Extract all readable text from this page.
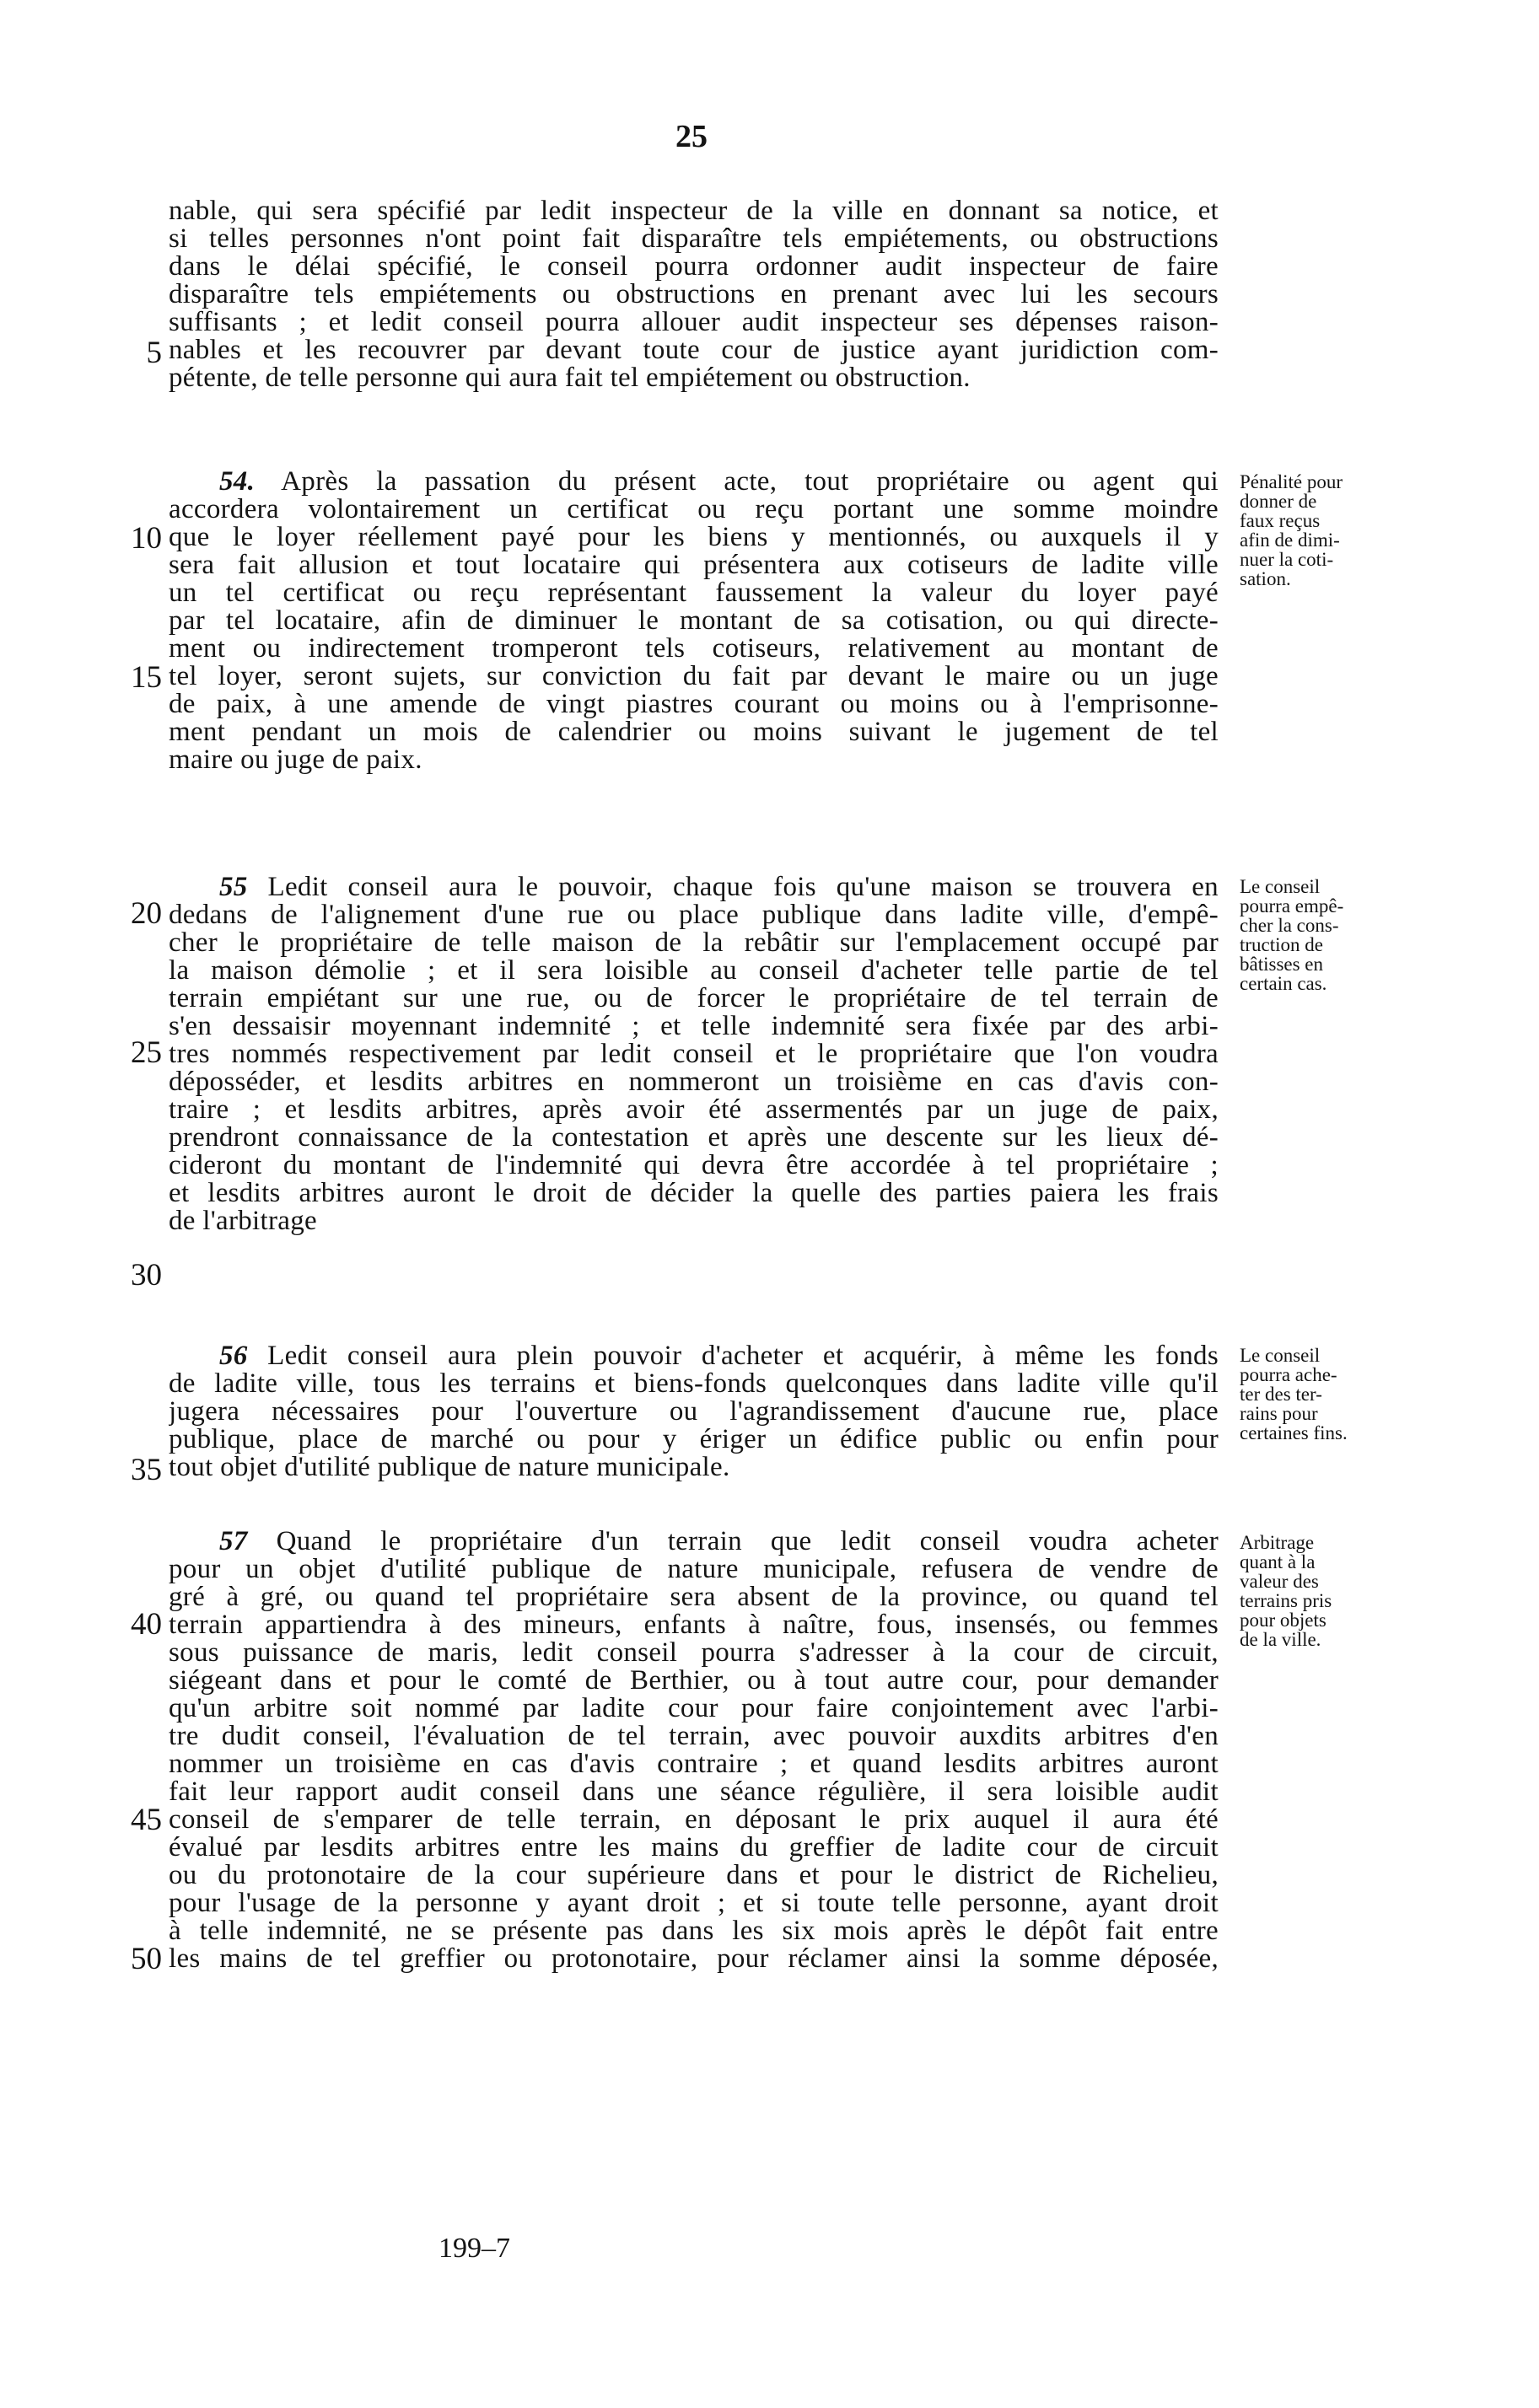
25
nable, qui sera spécifié par ledit inspecteur de la ville en donnant sa notice, et
si telles personnes n'ont point fait disparaître tels empiétements, ou obstructions
dans le délai spécifié, le conseil pourra ordonner audit inspecteur de faire
disparaître tels empiétements ou obstructions en prenant avec lui les secours
suffisants ; et ledit conseil pourra allouer audit inspecteur ses dépenses raison-
nables et les recouvrer par devant toute cour de justice ayant juridiction com-
pétente, de telle personne qui aura fait tel empiétement ou obstruction.
54. Après la passation du présent acte, tout propriétaire ou agent qui
accordera volontairement un certificat ou reçu portant une somme moindre
que le loyer réellement payé pour les biens y mentionnés, ou auxquels il y
sera fait allusion et tout locataire qui présentera aux cotiseurs de ladite ville
un tel certificat ou reçu représentant faussement la valeur du loyer payé
par tel locataire, afin de diminuer le montant de sa cotisation, ou qui directe-
ment ou indirectement tromperont tels cotiseurs, relativement au montant de
tel loyer, seront sujets, sur conviction du fait par devant le maire ou un juge
de paix, à une amende de vingt piastres courant ou moins ou à l'emprisonne-
ment pendant un mois de calendrier ou moins suivant le jugement de tel
maire ou juge de paix.
Pénalité pour
donner de
faux reçus
afin de dimi-
nuer la coti-
sation.
55 Ledit conseil aura le pouvoir, chaque fois qu'une maison se trouvera en
dedans de l'alignement d'une rue ou place publique dans ladite ville, d'empê-
cher le propriétaire de telle maison de la rebâtir sur l'emplacement occupé par
la maison démolie ; et il sera loisible au conseil d'acheter telle partie de tel
terrain empiétant sur une rue, ou de forcer le propriétaire de tel terrain de
s'en dessaisir moyennant indemnité ; et telle indemnité sera fixée par des arbi-
tres nommés respectivement par ledit conseil et le propriétaire que l'on voudra
déposséder, et lesdits arbitres en nommeront un troisième en cas d'avis con-
traire ; et lesdits arbitres, après avoir été assermentés par un juge de paix,
prendront connaissance de la contestation et après une descente sur les lieux dé-
cideront du montant de l'indemnité qui devra être accordée à tel propriétaire ;
et lesdits arbitres auront le droit de décider la quelle des parties paiera les frais
de l'arbitrage
Le conseil
pourra empê-
cher la cons-
truction de
bâtisses en
certain cas.
56 Ledit conseil aura plein pouvoir d'acheter et acquérir, à même les fonds
de ladite ville, tous les terrains et biens-fonds quelconques dans ladite ville qu'il
jugera nécessaires pour l'ouverture ou l'agrandissement d'aucune rue, place
publique, place de marché ou pour y ériger un édifice public ou enfin pour
tout objet d'utilité publique de nature municipale.
Le conseil
pourra ache-
ter des ter-
rains pour
certaines fins.
57 Quand le propriétaire d'un terrain que ledit conseil voudra acheter
pour un objet d'utilité publique de nature municipale, refusera de vendre de
gré à gré, ou quand tel propriétaire sera absent de la province, ou quand tel
terrain appartiendra à des mineurs, enfants à naître, fous, insensés, ou femmes
sous puissance de maris, ledit conseil pourra s'adresser à la cour de circuit,
siégeant dans et pour le comté de Berthier, ou à tout autre cour, pour demander
qu'un arbitre soit nommé par ladite cour pour faire conjointement avec l'arbi-
tre dudit conseil, l'évaluation de tel terrain, avec pouvoir auxdits arbitres d'en
nommer un troisième en cas d'avis contraire ; et quand lesdits arbitres auront
fait leur rapport audit conseil dans une séance régulière, il sera loisible audit
conseil de s'emparer de telle terrain, en déposant le prix auquel il aura été
évalué par lesdits arbitres entre les mains du greffier de ladite cour de circuit
ou du protonotaire de la cour supérieure dans et pour le district de Richelieu,
pour l'usage de la personne y ayant droit ; et si toute telle personne, ayant droit
à telle indemnité, ne se présente pas dans les six mois après le dépôt fait entre
les mains de tel greffier ou protonotaire, pour réclamer ainsi la somme déposée,
Arbitrage
quant à la
valeur des
terrains pris
pour objets
de la ville.
5
10
15
20
25
30
35
40
45
50
199–7
